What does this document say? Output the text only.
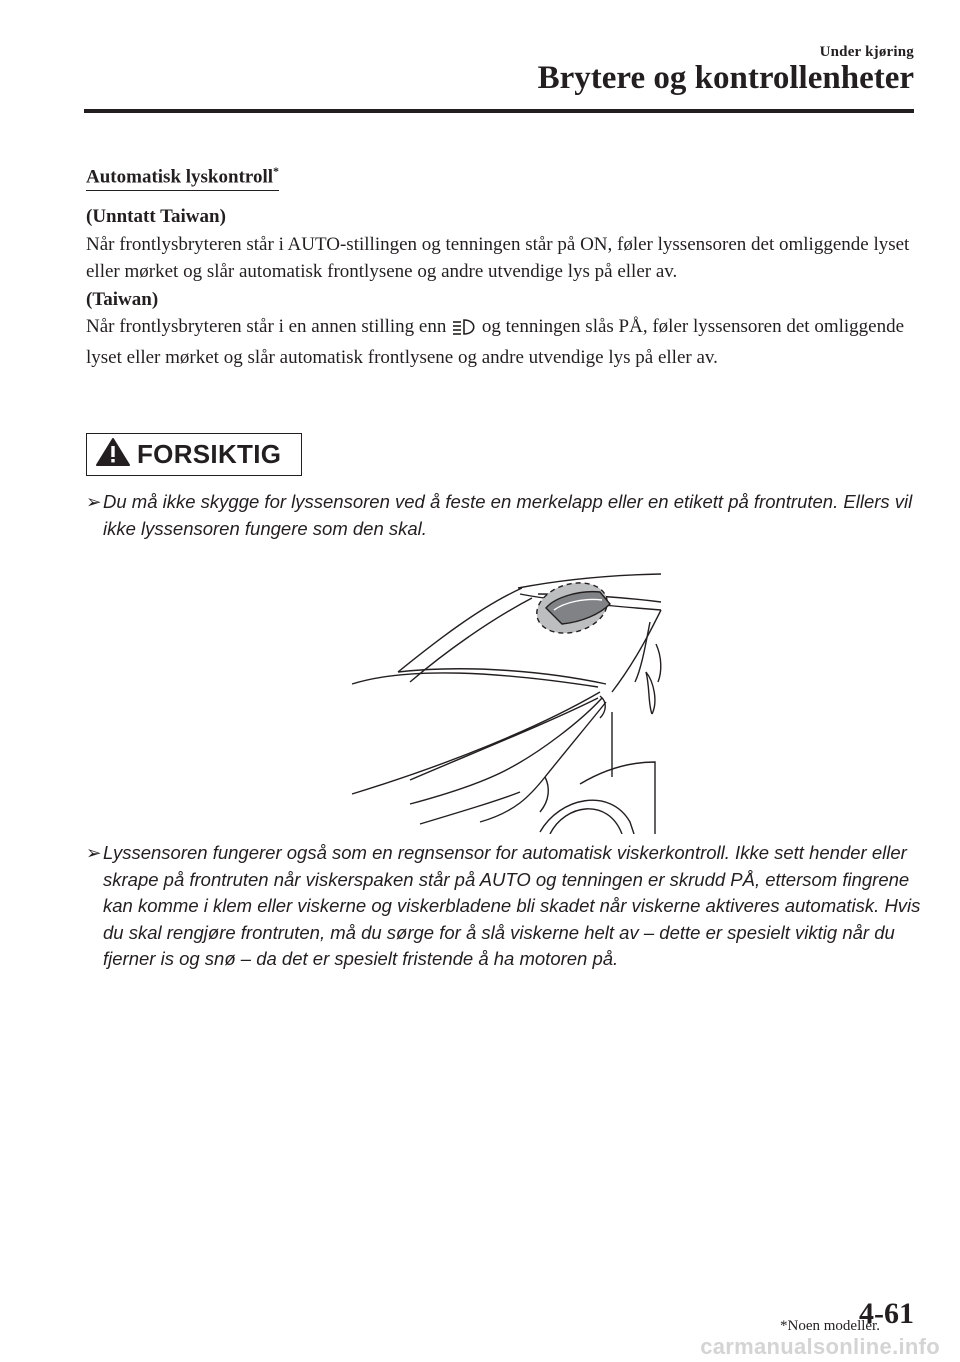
Under kjøring
Brytere og kontrollenheter
Automatisk lyskontroll*

(Unntatt Taiwan)

Når frontlysbryteren står i AUTO-stillingen og tenningen står på ON, føler lyssensoren det omliggende lyset eller mørket og slår automatisk frontlysene og andre utvendige lys på eller av.

(Taiwan)

Når frontlysbryteren står i en annen stilling enn og tenningen slås PÅ, føler lyssensoren det omliggende lyset eller mørket og slår automatisk frontlysene og andre utvendige lys på eller av.

FORSIKTIG
➢ Du må ikke skygge for lyssensoren ved å feste en merkelapp eller en etikett på frontruten. Ellers vil ikke lyssensoren fungere som den skal.
➢ Lyssensoren fungerer også som en regnsensor for automatisk viskerkontroll. Ikke sett hender eller skrape på frontruten når viskerspaken står på AUTO og tenningen er skrudd PÅ, ettersom fingrene kan komme i klem eller viskerne og viskerbladene bli skadet når viskerne aktiveres automatisk. Hvis du skal rengjøre frontruten, må du sørge for å slå viskerne helt av – dette er spesielt viktig når du fjerner is og snø – da det er spesielt fristende å ha motoren på.
*Noen modeller.
4-61
carmanualsonline.info
